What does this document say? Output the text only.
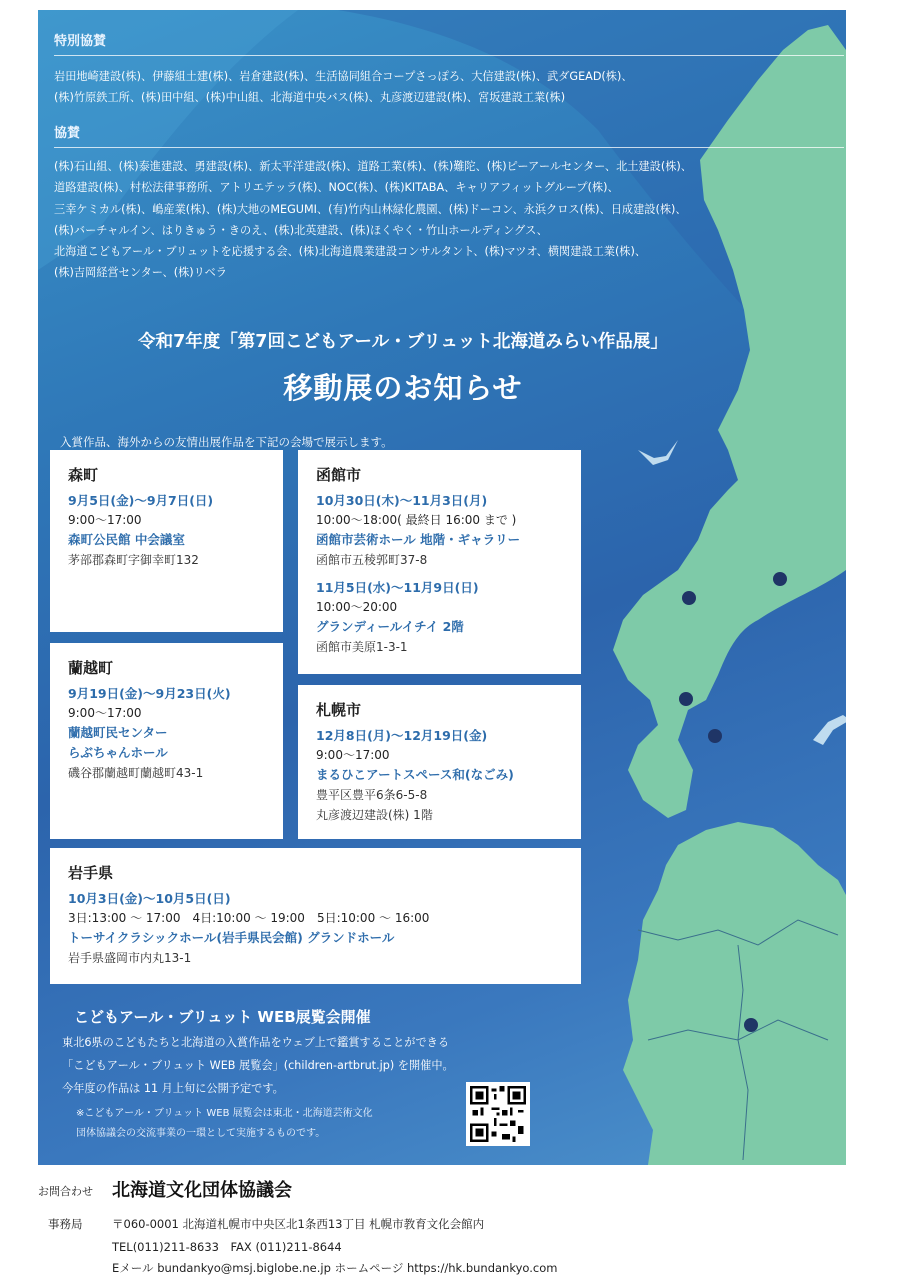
特別協賛
岩田地崎建設(株)、伊藤組土建(株)、岩倉建設(株)、生活協同組合コープさっぽろ、大信建設(株)、武ダGEAD(株)、
(株)竹原鉄工所、(株)田中組、(株)中山組、北海道中央バス(株)、丸彦渡辺建設(株)、宮坂建設工業(株)
協賛
(株)石山組、(株)泰進建設、勇建設(株)、新太平洋建設(株)、道路工業(株)、(株)難陀、(株)ピーアールセンター、北土建設(株)、
道路建設(株)、村松法律事務所、アトリエテッラ(株)、NOC(株)、(株)KITABA、キャリアフィットグループ(株)、
三幸ケミカル(株)、嶋産業(株)、(株)大地のMEGUMI、(有)竹内山林緑化農園、(株)ドーコン、永浜クロス(株)、日成建設(株)、
(株)バーチャルイン、はりきゅう・きのえ、(株)北英建設、(株)ほくやく・竹山ホールディングス、
北海道こどもアール・ブリュットを応援する会、(株)北海道農業建設コンサルタント、(株)マツオ、横関建設工業(株)、
(株)吉岡経営センター、(株)リベラ
令和7年度「第7回こどもアール・ブリュット北海道みらい作品展」
移動展のお知らせ
入賞作品、海外からの友情出展作品を下記の会場で展示します。
森町
9月5日(金)〜9月7日(日)
9:00〜17:00
森町公民館 中会議室
茅部郡森町字御幸町132
蘭越町
9月19日(金)〜9月23日(火)
9:00〜17:00
蘭越町民センター
らぶちゃんホール
磯谷郡蘭越町蘭越町43-1
函館市
10月30日(木)〜11月3日(月)
10:00〜18:00( 最終日 16:00 まで )
函館市芸術ホール 地階・ギャラリー
函館市五稜郭町37-8
11月5日(水)〜11月9日(日)
10:00〜20:00
グランディールイチイ 2階
函館市美原1-3-1
札幌市
12月8日(月)〜12月19日(金)
9:00〜17:00
まるひこアートスペース和(なごみ)
豊平区豊平6条6-5-8
丸彦渡辺建設(株) 1階
岩手県
10月3日(金)〜10月5日(日)
3日:13:00 〜 17:00　4日:10:00 〜 19:00　5日:10:00 〜 16:00
トーサイクラシックホール(岩手県民会館) グランドホール
岩手県盛岡市内丸13-1
こどもアール・ブリュット WEB展覧会開催
東北6県のこどもたちと北海道の入賞作品をウェブ上で鑑賞することができる
「こどもアール・ブリュット WEB 展覧会」(children-artbrut.jp) を開催中。
今年度の作品は 11 月上旬に公開予定です。
※こどもアール・ブリュット WEB 展覧会は東北・北海道芸術文化
団体協議会の交流事業の一環として実施するものです。
お問合わせ 北海道文化団体協議会
事務局	〒060-0001 北海道札幌市中央区北1条西13丁目 札幌市教育文化会館内
TEL(011)211-8633　FAX (011)211-8644
Eメール bundankyo@msj.biglobe.ne.jp ホームページ https://hk.bundankyo.com
